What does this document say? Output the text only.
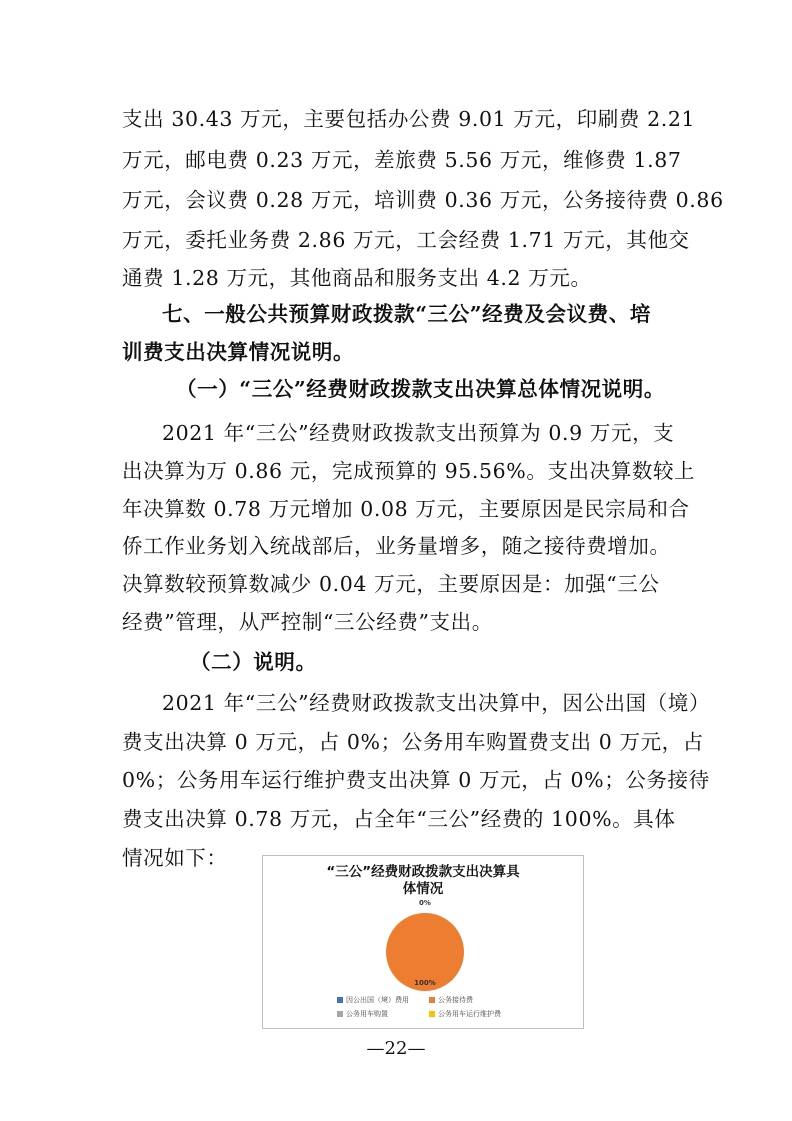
支出 30.43 万元，主要包括办公费 9.01 万元，印刷费 2.21
万元，邮电费 0.23 万元，差旅费 5.56 万元，维修费 1.87
万元，会议费 0.28 万元，培训费 0.36 万元，公务接待费 0.86
万元，委托业务费 2.86 万元，工会经费 1.71 万元，其他交
通费 1.28 万元，其他商品和服务支出 4.2 万元。
七、一般公共预算财政拨款“三公”经费及会议费、培
训费支出决算情况说明。
（一）“三公”经费财政拨款支出决算总体情况说明。
2021 年“三公”经费财政拨款支出预算为 0.9 万元，支
出决算为万 0.86 元，完成预算的 95.56%。支出决算数较上
年决算数 0.78 万元增加 0.08 万元，主要原因是民宗局和合
侨工作业务划入统战部后，业务量增多，随之接待费增加。
决算数较预算数减少 0.04 万元，主要原因是：加强“三公
经费”管理，从严控制“三公经费”支出。
（二）说明。
2021 年“三公”经费财政拨款支出决算中，因公出国（境）
费支出决算 0 万元，占 0%；公务用车购置费支出 0 万元，占
0%；公务用车运行维护费支出决算 0 万元，占 0%；公务接待
费支出决算 0.78 万元，占全年“三公”经费的 100%。具体
情况如下：
“三公”经费财政拨款支出决算具
体情况
0%
100%
因公出国（境）费用	公务接待费
公务用车购置	公务用车运行维护费
—22—
